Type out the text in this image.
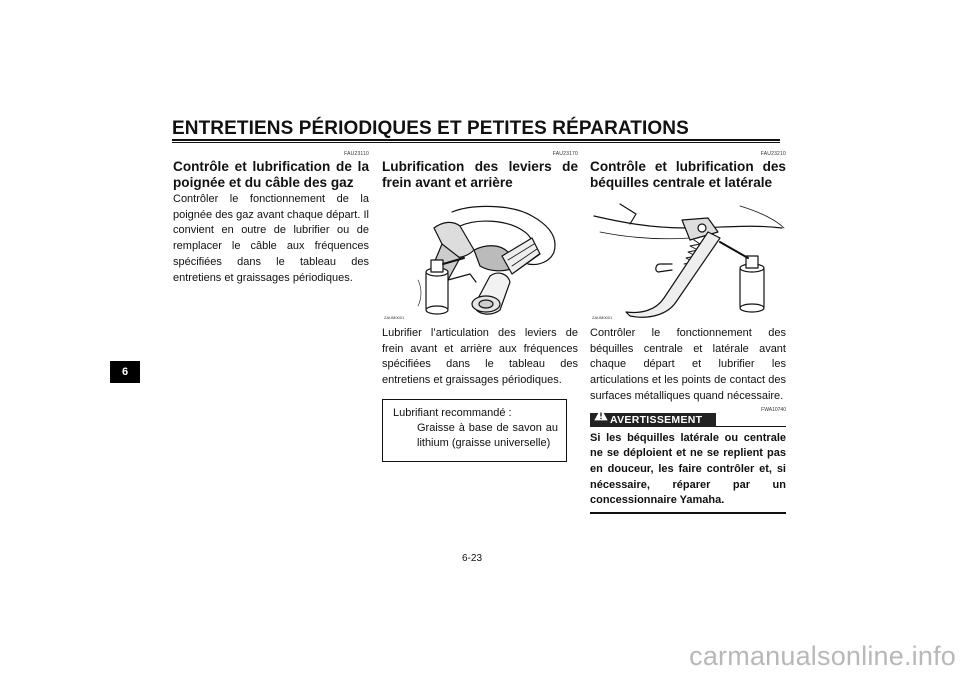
ENTRETIENS PÉRIODIQUES ET PETITES RÉPARATIONS
6
FAU23110
Contrôle et lubrification de la poignée et du câble des gaz
Contrôler le fonctionnement de la poignée des gaz avant chaque départ. Il convient en outre de lubrifier ou de remplacer le câble aux fréquences spécifiées dans le tableau des entretiens et graissages périodiques.
FAU23170
Lubrification des leviers de frein avant et arrière
ZAUM0001
Lubrifier l’articulation des leviers de frein avant et arrière aux fréquences spécifiées dans le tableau des entretiens et graissages périodiques.
Lubrifiant recommandé :
Graisse à base de savon au lithium (graisse universelle)
FAU23210
Contrôle et lubrification des béquilles centrale et latérale
ZAUM0001
Contrôler le fonctionnement des béquilles centrale et latérale avant chaque départ et lubrifier les articulations et les points de contact des surfaces métalliques quand nécessaire.
AVERTISSEMENT
FWA10740
Si les béquilles latérale ou centrale ne se déploient et ne se replient pas en douceur, les faire contrôler et, si nécessaire, réparer par un concessionnaire Yamaha.
6-23
carmanualsonline.info
